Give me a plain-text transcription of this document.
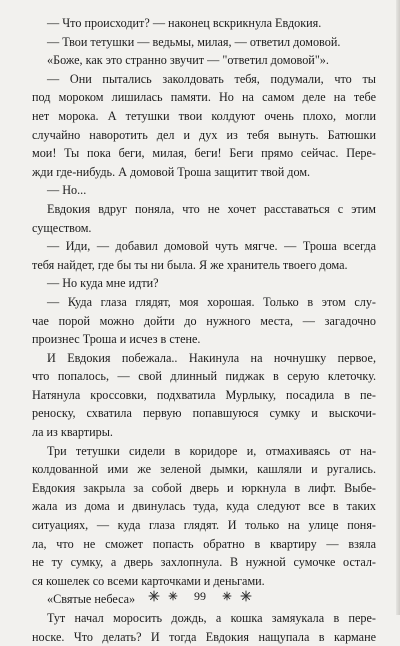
— Что происходит? — наконец вскрикнула Евдокия.
— Твои тетушки — ведьмы, милая, — ответил домовой.
«Боже, как это странно звучит — "ответил домовой"».
— Они пытались заколдовать тебя, подумали, что ты
под мороком лишилась памяти. Но на самом деле на тебе
нет морока. А тетушки твои колдуют очень плохо, могли
случайно наворотить дел и дух из тебя вынуть. Батюшки
мои! Ты пока беги, милая, беги! Беги прямо сейчас. Пере-
жди где-нибудь. А домовой Троша защитит твой дом.
— Но...
Евдокия вдруг поняла, что не хочет расставаться с этим
существом.
— Иди, — добавил домовой чуть мягче. — Троша всегда
тебя найдет, где бы ты ни была. Я же хранитель твоего дома.
— Но куда мне идти?
— Куда глаза глядят, моя хорошая. Только в этом слу-
чае порой можно дойти до нужного места, — загадочно
произнес Троша и исчез в стене.
И Евдокия побежала.. Накинула на ночнушку первое,
что попалось, — свой длинный пиджак в серую клеточку.
Натянула кроссовки, подхватила Мурлыку, посадила в пе-
реноску, схватила первую попавшуюся сумку и выскочи-
ла из квартиры.
Три тетушки сидели в коридоре и, отмахиваясь от на-
колдованной ими же зеленой дымки, кашляли и ругались.
Евдокия закрыла за собой дверь и юркнула в лифт. Выбе-
жала из дома и двинулась туда, куда следуют все в таких
ситуациях, — куда глаза глядят. И только на улице поня-
ла, что не сможет попасть обратно в квартиру — взяла
не ту сумку, а дверь захлопнула. В нужной сумочке остал-
ся кошелек со всеми карточками и деньгами.
«Святые небеса»
Тут начал моросить дождь, а кошка замяукала в пере-
носке. Что делать? И тогда Евдокия нащупала в кармане
99
